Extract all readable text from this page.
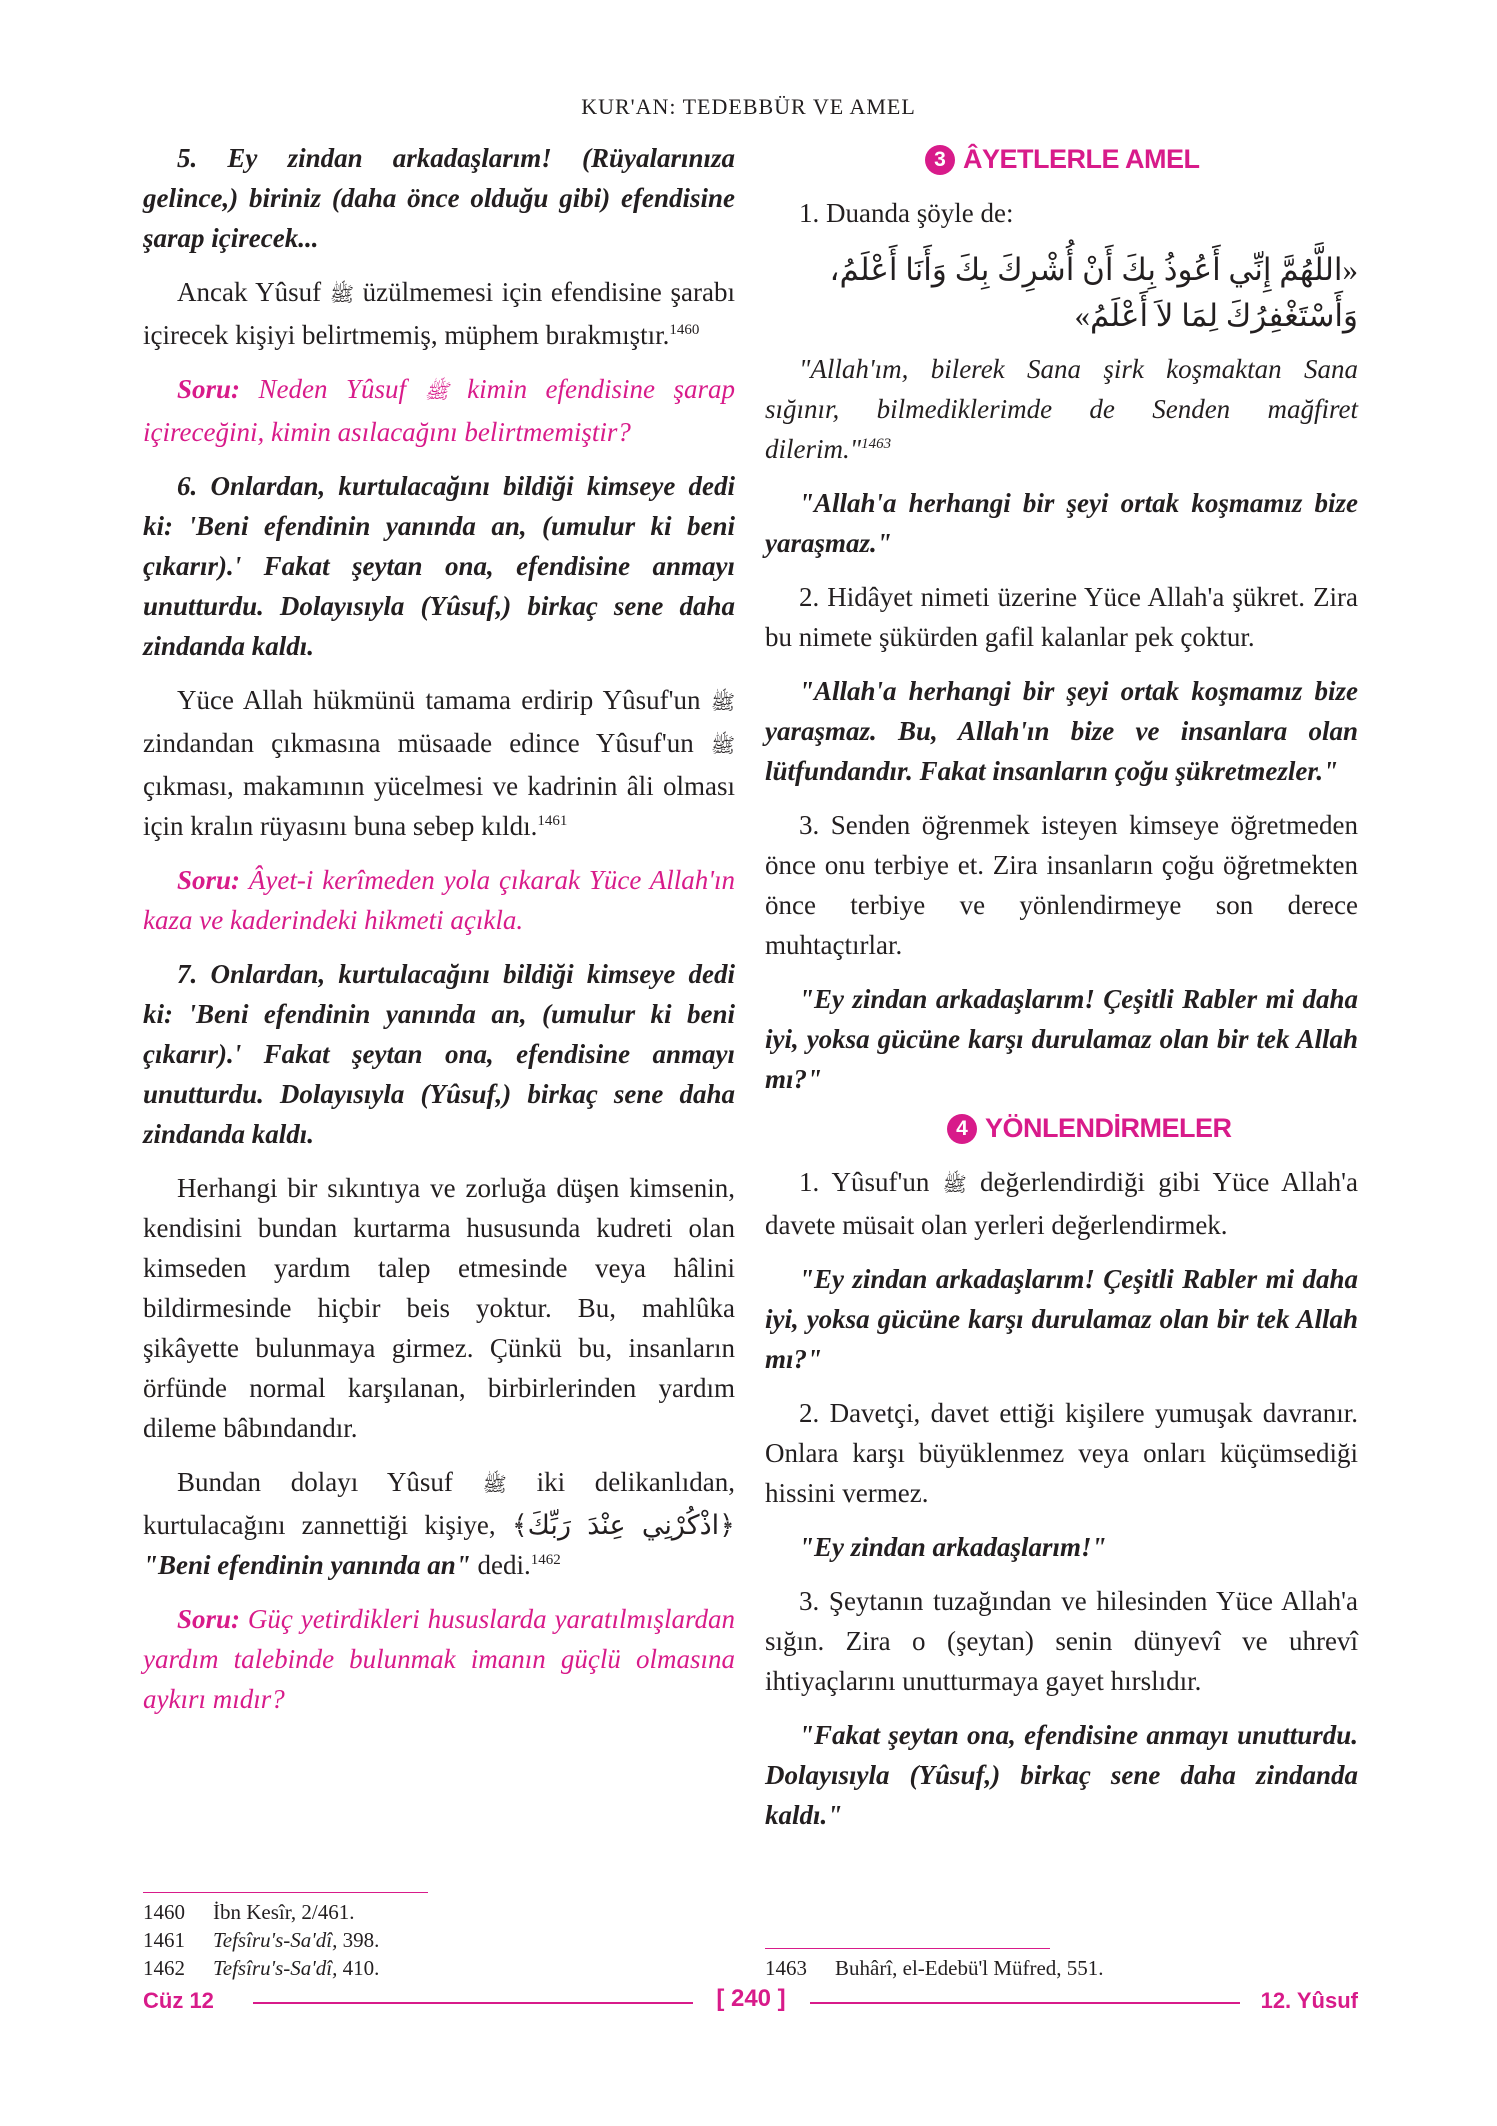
KUR'AN: TEDEBBÜR VE AMEL

5. Ey zindan arkadaşlarım! (Rüyalarınıza gelince,) biriniz (daha önce olduğu gibi) efendisine şarap içirecek...

Ancak Yûsuf ﷺ üzülmemesi için efendisine şarabı içirecek kişiyi belirtmemiş, müphem bırakmıştır.$^{1460}$

Soru: Neden Yûsuf ﷺ kimin efendisine şarap içireceğini, kimin asılacağını belirtmemiştir?

6. Onlardan, kurtulacağını bildiği kimseye dedi ki: 'Beni efendinin yanında an, (umulur ki beni çıkarır).' Fakat şeytan ona, efendisine anmayı unutturdu. Dolayısıyla (Yûsuf,) birkaç sene daha zindanda kaldı.

Yüce Allah hükmünü tamama erdirip Yûsuf'un ﷺ zindandan çıkmasına müsaade edince Yûsuf'un ﷺ çıkması, makamının yücelmesi ve kadrinin âli olması için kralın rüyasını buna sebep kıldı.$^{1461}$

Soru: Âyet-i kerîmeden yola çıkarak Yüce Allah'ın kaza ve kaderindeki hikmeti açıkla.

7. Onlardan, kurtulacağını bildiği kimseye dedi ki: 'Beni efendinin yanında an, (umulur ki beni çıkarır).' Fakat şeytan ona, efendisine anmayı unutturdu. Dolayısıyla (Yûsuf,) birkaç sene daha zindanda kaldı.

Herhangi bir sıkıntıya ve zorluğa düşen kimsenin, kendisini bundan kurtarma hususunda kudreti olan kimseden yardım talep etmesinde veya hâlini bildirmesinde hiçbir beis yoktur. Bu, mahlûka şikâyette bulunmaya girmez. Çünkü bu, insanların örfünde normal karşılanan, birbirlerinden yardım dileme bâbındandır.

Bundan dolayı Yûsuf ﷺ iki delikanlıdan, kurtulacağını zannettiği kişiye, ﴿اذْكُرْنِي عِنْدَ رَبِّكَ﴾ "Beni efendinin yanında an" dedi.$^{1462}$

Soru: Güç yetirdikleri hususlarda yaratılmışlardan yardım talebinde bulunmak imanın güçlü olmasına aykırı mıdır?

3 ÂYETLERLE AMEL

1. Duanda şöyle de:

«اللَّهُمَّ إِنِّي أَعُوذُ بِكَ أَنْ أُشْرِكَ بِكَ وَأَنَا أَعْلَمُ، وَأَسْتَغْفِرُكَ لِمَا لاَ أَعْلَمُ»

"Allah'ım, bilerek Sana şirk koşmaktan Sana sığınır, bilmediklerimde de Senden mağfiret dilerim."$^{1463}$

"Allah'a herhangi bir şeyi ortak koşmamız bize yaraşmaz."

2. Hidâyet nimeti üzerine Yüce Allah'a şükret. Zira bu nimete şükürden gafil kalanlar pek çoktur.

"Allah'a herhangi bir şeyi ortak koşmamız bize yaraşmaz. Bu, Allah'ın bize ve insanlara olan lütfundandır. Fakat insanların çoğu şükretmezler."

3. Senden öğrenmek isteyen kimseye öğretmeden önce onu terbiye et. Zira insanların çoğu öğretmekten önce terbiye ve yönlendirmeye son derece muhtaçtırlar.

"Ey zindan arkadaşlarım! Çeşitli Rabler mi daha iyi, yoksa gücüne karşı durulamaz olan bir tek Allah mı?"

4 YÖNLENDİRMELER

1. Yûsuf'un ﷺ değerlendirdiği gibi Yüce Allah'a davete müsait olan yerleri değerlendirmek.

"Ey zindan arkadaşlarım! Çeşitli Rabler mi daha iyi, yoksa gücüne karşı durulamaz olan bir tek Allah mı?"

2. Davetçi, davet ettiği kişilere yumuşak davranır. Onlara karşı büyüklenmez veya onları küçümsediği hissini vermez.

"Ey zindan arkadaşlarım!"

3. Şeytanın tuzağından ve hilesinden Yüce Allah'a sığın. Zira o (şeytan) senin dünyevî ve uhrevî ihtiyaçlarını unutturmaya gayet hırslıdır.

"Fakat şeytan ona, efendisine anmayı unutturdu. Dolayısıyla (Yûsuf,) birkaç sene daha zindanda kaldı."

1460	İbn Kesîr, 2/461.
1461	Tefsîru's-Sa'dî, 398.
1462	Tefsîru's-Sa'dî, 410.	1463	Buhârî, el-Edebü'l Müfred, 551.
Cüz 12	[ 240 ]	12. Yûsuf
